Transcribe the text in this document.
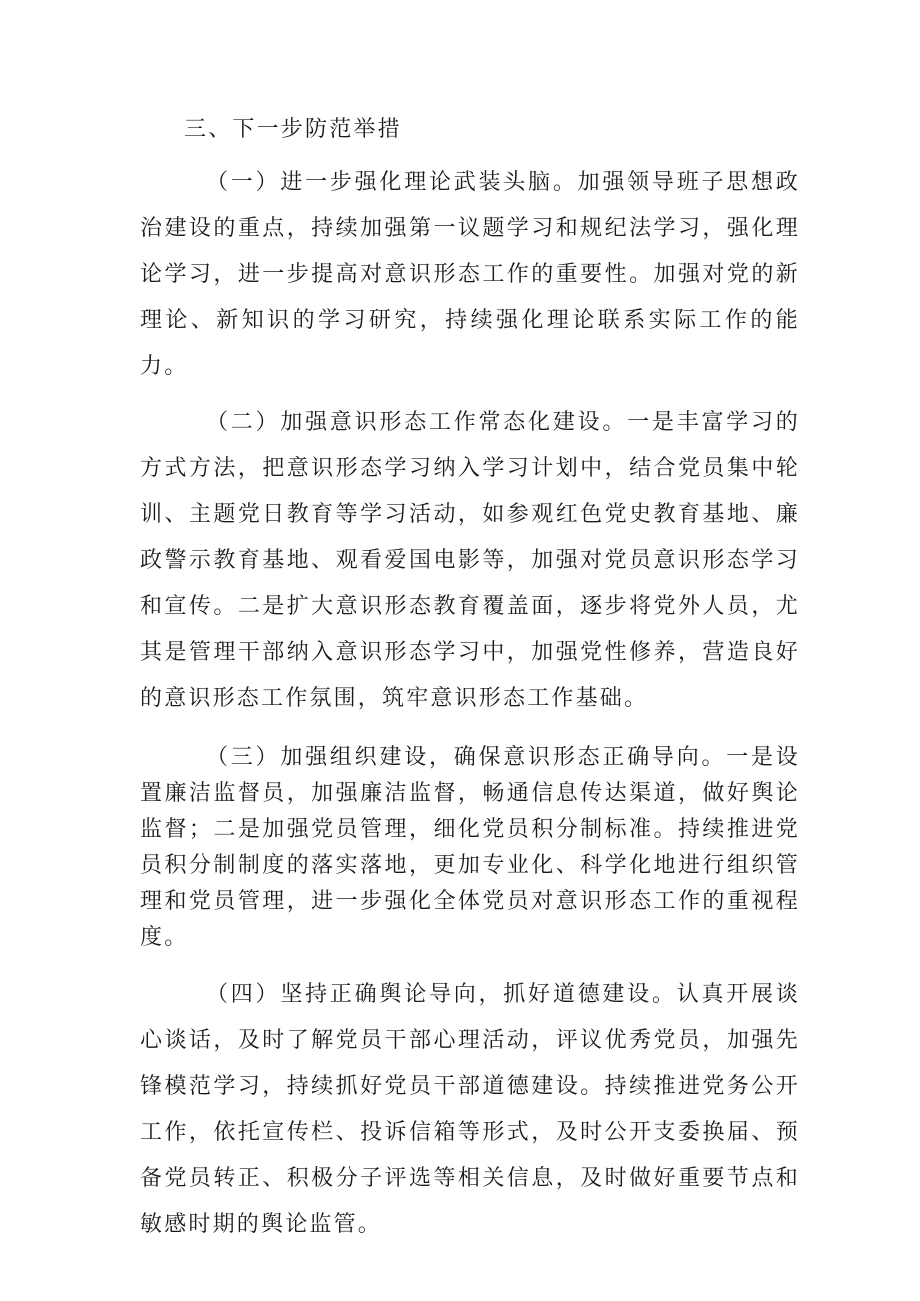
三、下一步防范举措

（一）进一步强化理论武装头脑。加强领导班子思想政治建设的重点，持续加强第一议题学习和规纪法学习，强化理论学习，进一步提高对意识形态工作的重要性。加强对党的新理论、新知识的学习研究，持续强化理论联系实际工作的能力。

（二）加强意识形态工作常态化建设。一是丰富学习的方式方法，把意识形态学习纳入学习计划中，结合党员集中轮训、主题党日教育等学习活动，如参观红色党史教育基地、廉政警示教育基地、观看爱国电影等，加强对党员意识形态学习和宣传。二是扩大意识形态教育覆盖面，逐步将党外人员，尤其是管理干部纳入意识形态学习中，加强党性修养，营造良好的意识形态工作氛围，筑牢意识形态工作基础。

（三）加强组织建设，确保意识形态正确导向。一是设置廉洁监督员，加强廉洁监督，畅通信息传达渠道，做好舆论监督；二是加强党员管理，细化党员积分制标准。持续推进党员积分制制度的落实落地，更加专业化、科学化地进行组织管理和党员管理，进一步强化全体党员对意识形态工作的重视程度。

（四）坚持正确舆论导向，抓好道德建设。认真开展谈心谈话，及时了解党员干部心理活动，评议优秀党员，加强先锋模范学习，持续抓好党员干部道德建设。持续推进党务公开工作，依托宣传栏、投诉信箱等形式，及时公开支委换届、预备党员转正、积极分子评选等相关信息，及时做好重要节点和敏感时期的舆论监管。
